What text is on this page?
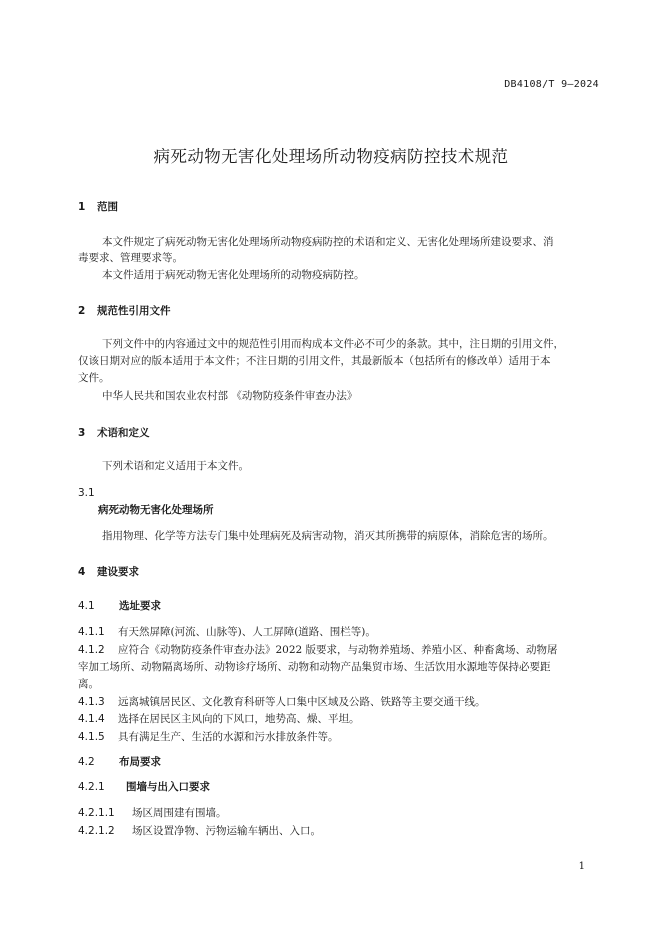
DB4108/T 9—2024
病死动物无害化处理场所动物疫病防控技术规范
1 范围
本文件规定了病死动物无害化处理场所动物疫病防控的术语和定义、无害化处理场所建设要求、消
毒要求、管理要求等。
本文件适用于病死动物无害化处理场所的动物疫病防控。
2 规范性引用文件
下列文件中的内容通过文中的规范性引用而构成本文件必不可少的条款。其中，注日期的引用文件，
仅该日期对应的版本适用于本文件；不注日期的引用文件，其最新版本（包括所有的修改单）适用于本
文件。
中华人民共和国农业农村部 《动物防疫条件审查办法》
3 术语和定义
下列术语和定义适用于本文件。
3.1
病死动物无害化处理场所
指用物理、化学等方法专门集中处理病死及病害动物，消灭其所携带的病原体，消除危害的场所。
4 建设要求
4.1 选址要求
4.1.1 有天然屏障(河流、山脉等)、人工屏障(道路、围栏等)。
4.1.2 应符合《动物防疫条件审查办法》2022 版要求，与动物养殖场、养殖小区、种畜禽场、动物屠
宰加工场所、动物隔离场所、动物诊疗场所、动物和动物产品集贸市场、生活饮用水源地等保持必要距
离。
4.1.3 远离城镇居民区、文化教育科研等人口集中区域及公路、铁路等主要交通干线。
4.1.4 选择在居民区主风向的下风口，地势高、燥、平坦。
4.1.5 具有满足生产、生活的水源和污水排放条件等。
4.2 布局要求
4.2.1 围墙与出入口要求
4.2.1.1 场区周围建有围墙。
4.2.1.2 场区设置净物、污物运输车辆出、入口。
1
